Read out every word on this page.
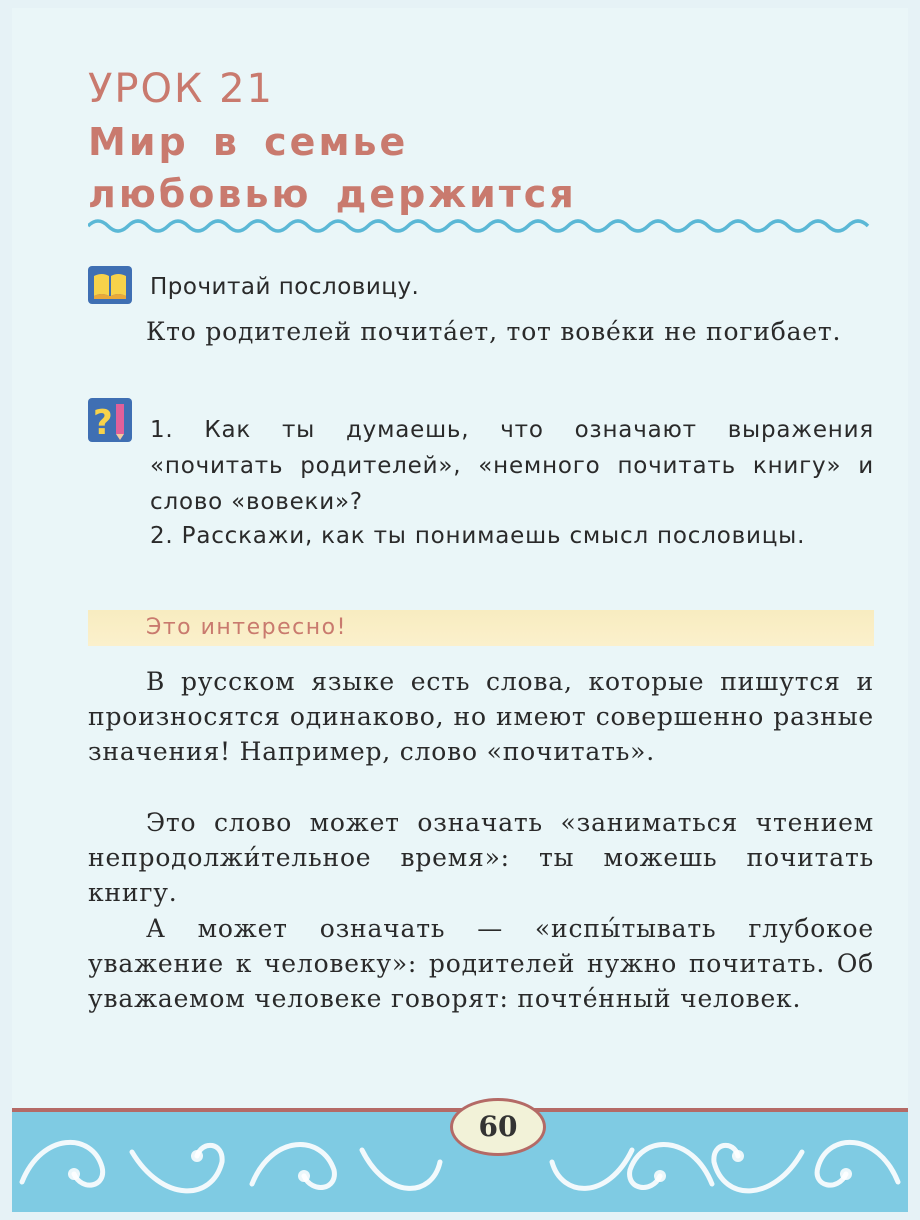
УРОК 21
Мир в семье
любовью держится

Прочитай пословицу.

Кто родителей почита́ет, тот вове́ки не погибает.

? 1. Как ты думаешь, что означают выражения «почитать родителей», «немного почитать книгу» и слово «вовеки»?

2. Расскажи, как ты понимаешь смысл пословицы.

Это интересно!

В русском языке есть слова, которые пишутся и произносятся одинаково, но имеют совершенно разные значения! Например, слово «почитать».

Это слово может означать «заниматься чтением непродолжи́тельное время»: ты можешь почитать книгу.

А может означать — «испы́тывать глубокое уважение к человеку»: родителей нужно почитать. Об уважаемом человеке говорят: почте́нный человек.

60
